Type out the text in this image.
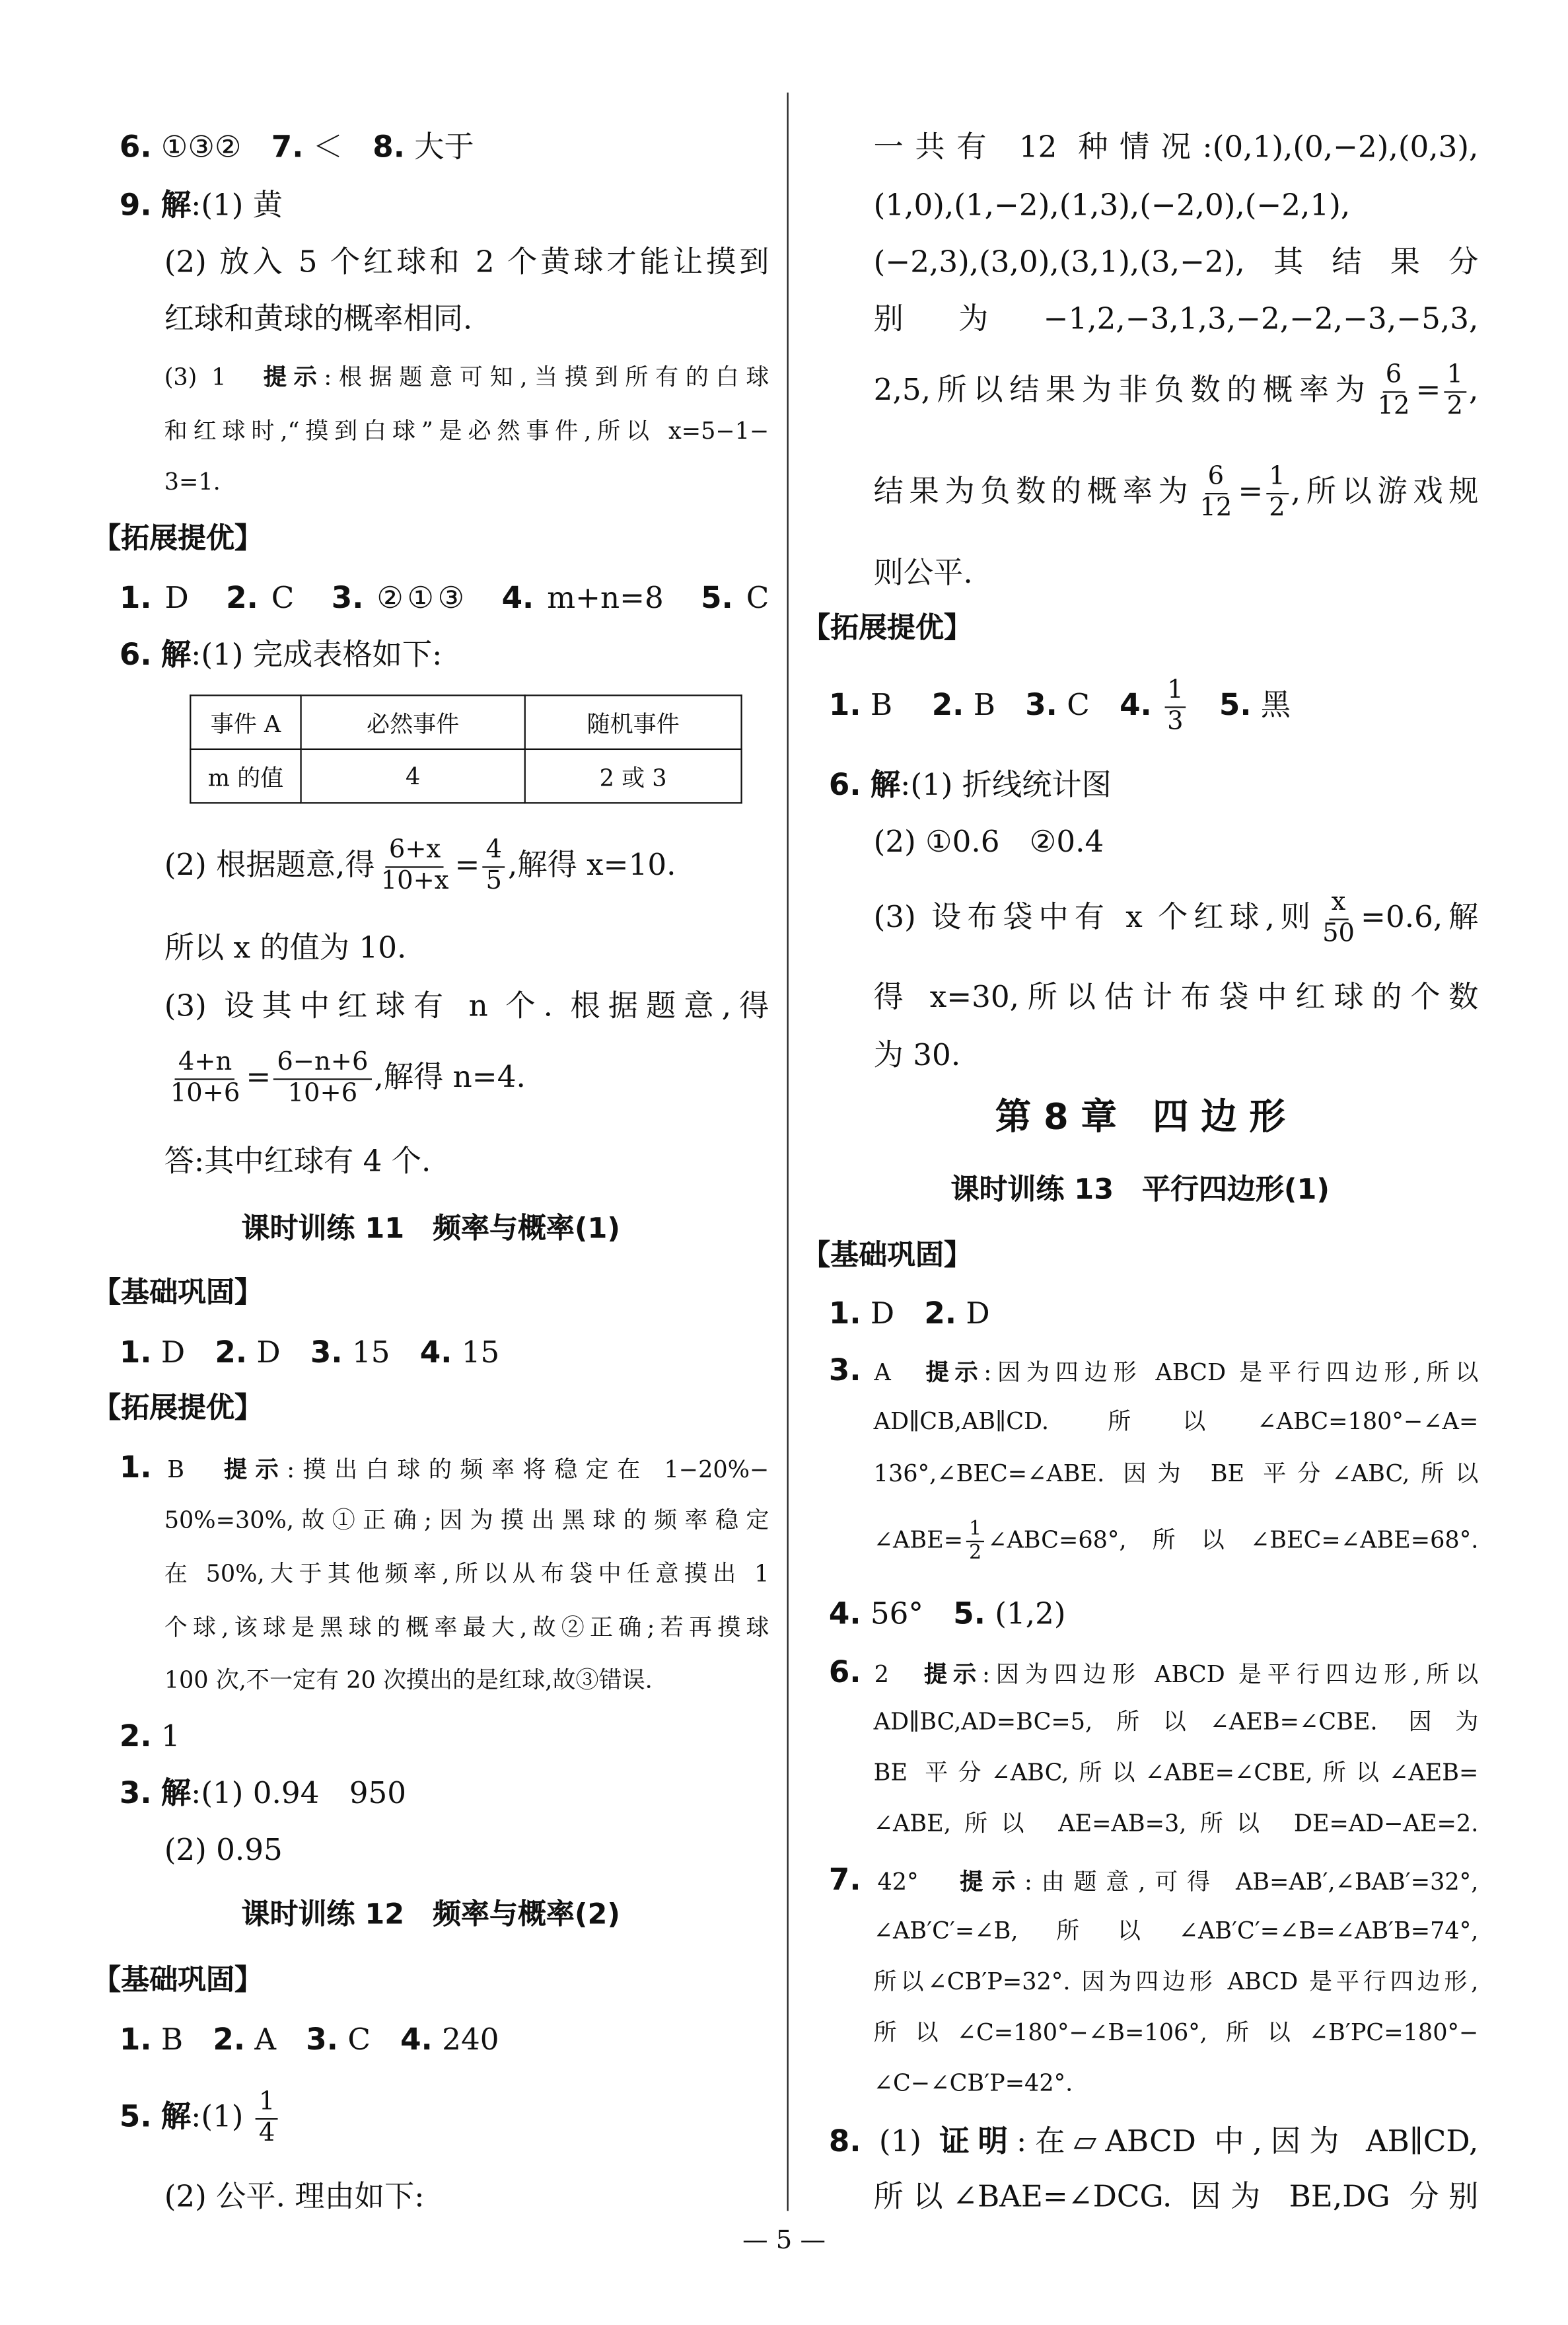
6. ①③②　7. ＜　8. 大于
9. 解:(1) 黄
(2) 放入 5 个红球和 2 个黄球才能让摸到
红球和黄球的概率相同.
(3) 1　提示:根据题意可知,当摸到所有的白球
和红球时,“摸到白球”是必然事件,所以 x=5−1−
3=1.
【拓展提优】
1. D　2. C　3. ②①③　4. m+n=8　5. C
6. 解:(1) 完成表格如下:
(2) 根据题意,得 $\frac{6+x}{10+x} = \frac{4}{5}$ ,解得 x=10.
所以 x 的值为 10.
(3) 设其中红球有 n 个. 根据题意,得
$\frac{4+n}{10+6} = \frac{6-n+6}{10+6}$ ,解得 n=4.
答:其中红球有 4 个.
课时训练 11　频率与概率(1)
【基础巩固】
1. D　2. D　3. 15　4. 15
【拓展提优】
1. B　提示:摸出白球的频率将稳定在 1−20%−
50%=30%,故①正确;因为摸出黑球的频率稳定
在 50%,大于其他频率,所以从布袋中任意摸出 1
个球,该球是黑球的概率最大,故②正确;若再摸球
100 次,不一定有 20 次摸出的是红球,故③错误.
2. 1
3. 解:(1) 0.94　950
(2) 0.95
课时训练 12　频率与概率(2)
【基础巩固】
1. B　2. A　3. C　4. 240
5. 解:(1) $\frac{1}{4}$
(2) 公平. 理由如下:
一共有 12 种情况:(0,1),(0,−2),(0,3),
(1,0),(1,−2),(1,3),(−2,0),(−2,1),
(−2,3),(3,0),(3,1),(3,−2),其结果分
别为−1,2,−3,1,3,−2,−2,−3,−5,3,
2,5,所以结果为非负数的概率为 $\frac{6}{12} = \frac{1}{2}$ ,
结果为负数的概率为 $\frac{6}{12} = \frac{1}{2}$ ,所以游戏规
则公平.
【拓展提优】
1. B　 2. B　3. C　4. $\frac{1}{3}$
　 5. 黑
6. 解:(1) 折线统计图
(2) ①0.6　②0.4
(3) 设布袋中有 x 个红球,则 $\frac{x}{50} =0.6$,解
得 x=30,所以估计布袋中红球的个数
为 30.
第 8 章　四 边 形
课时训练 13　平行四边形(1)
【基础巩固】
1. D　2. D
3. A　提示:因为四边形 ABCD 是平行四边形,所以
AD∥CB,AB∥CD. 所以∠ABC=180°−∠A=
136°,∠BEC=∠ABE. 因为 BE 平分∠ABC,所以
∠ABE= $\frac{1}{2}$ ∠ABC=68°,所以∠BEC=∠ABE=68°.
4. 56°　5. (1,2)
6. 2　提示:因为四边形 ABCD 是平行四边形,所以
AD∥BC,AD=BC=5,所以∠AEB=∠CBE. 因为
BE 平分∠ABC,所以∠ABE=∠CBE,所以∠AEB=
∠ABE,所以 AE=AB=3,所以 DE=AD−AE=2.
7. 42°　提示:由题意,可得 AB=AB′,∠BAB′=32°,
∠AB′C′=∠B,所以∠AB′C′=∠B=∠AB′B=74°,
所以∠CB′P=32°. 因为四边形 ABCD 是平行四边形,
所以∠C=180°−∠B=106°,所以∠B′PC=180°−
∠C−∠CB′P=42°.
8. (1) 证明:在▱ABCD 中,因为 AB∥CD,
所以∠BAE=∠DCG. 因为 BE,DG 分别
事件 A	必然事件	随机事件
m 的值	4	2 或 3
— 5 —
